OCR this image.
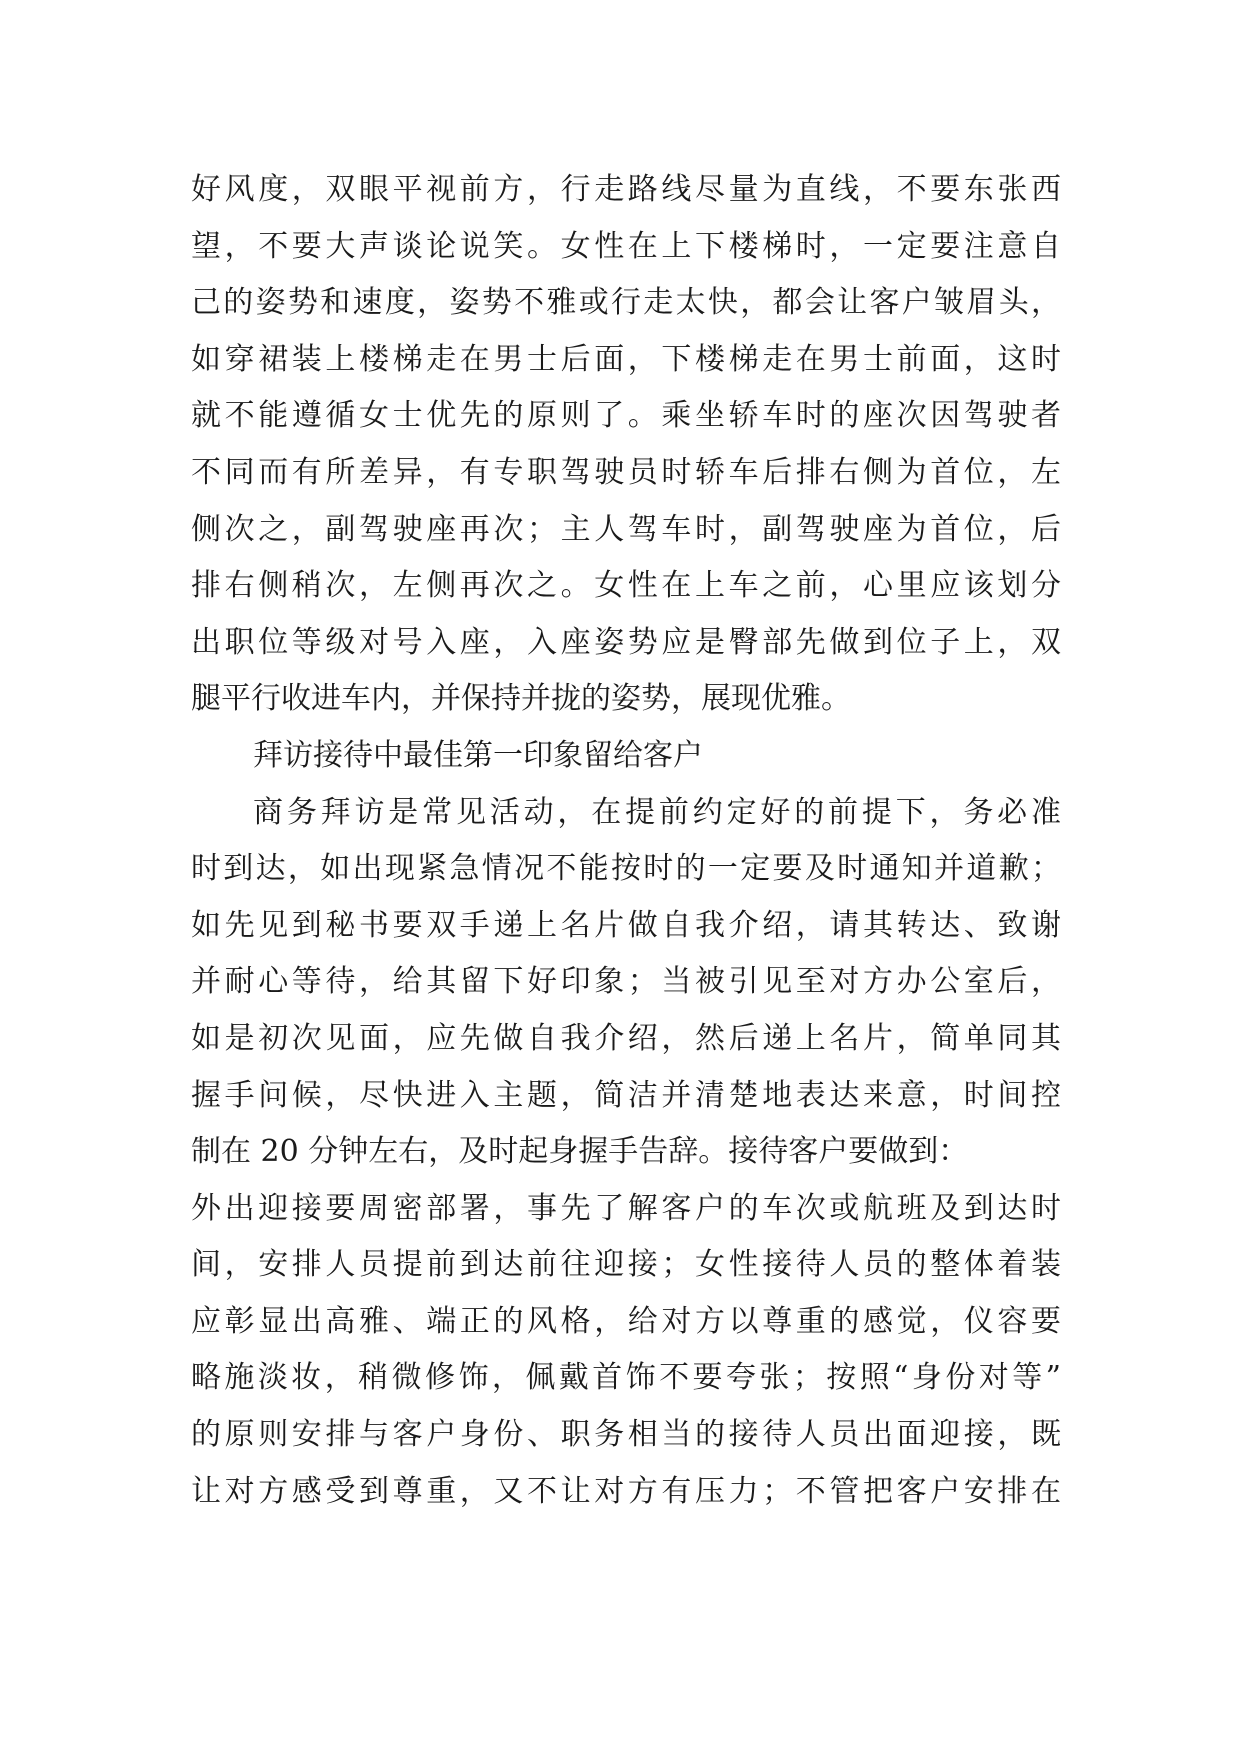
好风度，双眼平视前方，行走路线尽量为直线，不要东张西
望，不要大声谈论说笑。女性在上下楼梯时，一定要注意自
己的姿势和速度，姿势不雅或行走太快，都会让客户皱眉头，
如穿裙装上楼梯走在男士后面，下楼梯走在男士前面，这时
就不能遵循女士优先的原则了。乘坐轿车时的座次因驾驶者
不同而有所差异，有专职驾驶员时轿车后排右侧为首位，左
侧次之，副驾驶座再次；主人驾车时，副驾驶座为首位，后
排右侧稍次，左侧再次之。女性在上车之前，心里应该划分
出职位等级对号入座，入座姿势应是臀部先做到位子上，双
腿平行收进车内，并保持并拢的姿势，展现优雅。
拜访接待中最佳第一印象留给客户
商务拜访是常见活动，在提前约定好的前提下，务必准
时到达，如出现紧急情况不能按时的一定要及时通知并道歉；
如先见到秘书要双手递上名片做自我介绍，请其转达、致谢
并耐心等待，给其留下好印象；当被引见至对方办公室后，
如是初次见面，应先做自我介绍，然后递上名片，简单同其
握手问候，尽快进入主题，简洁并清楚地表达来意，时间控
制在 20 分钟左右，及时起身握手告辞。接待客户要做到：
外出迎接要周密部署，事先了解客户的车次或航班及到达时
间，安排人员提前到达前往迎接；女性接待人员的整体着装
应彰显出高雅、端正的风格，给对方以尊重的感觉，仪容要
略施淡妆，稍微修饰，佩戴首饰不要夸张；按照“身份对等”
的原则安排与客户身份、职务相当的接待人员出面迎接，既
让对方感受到尊重，又不让对方有压力；不管把客户安排在
